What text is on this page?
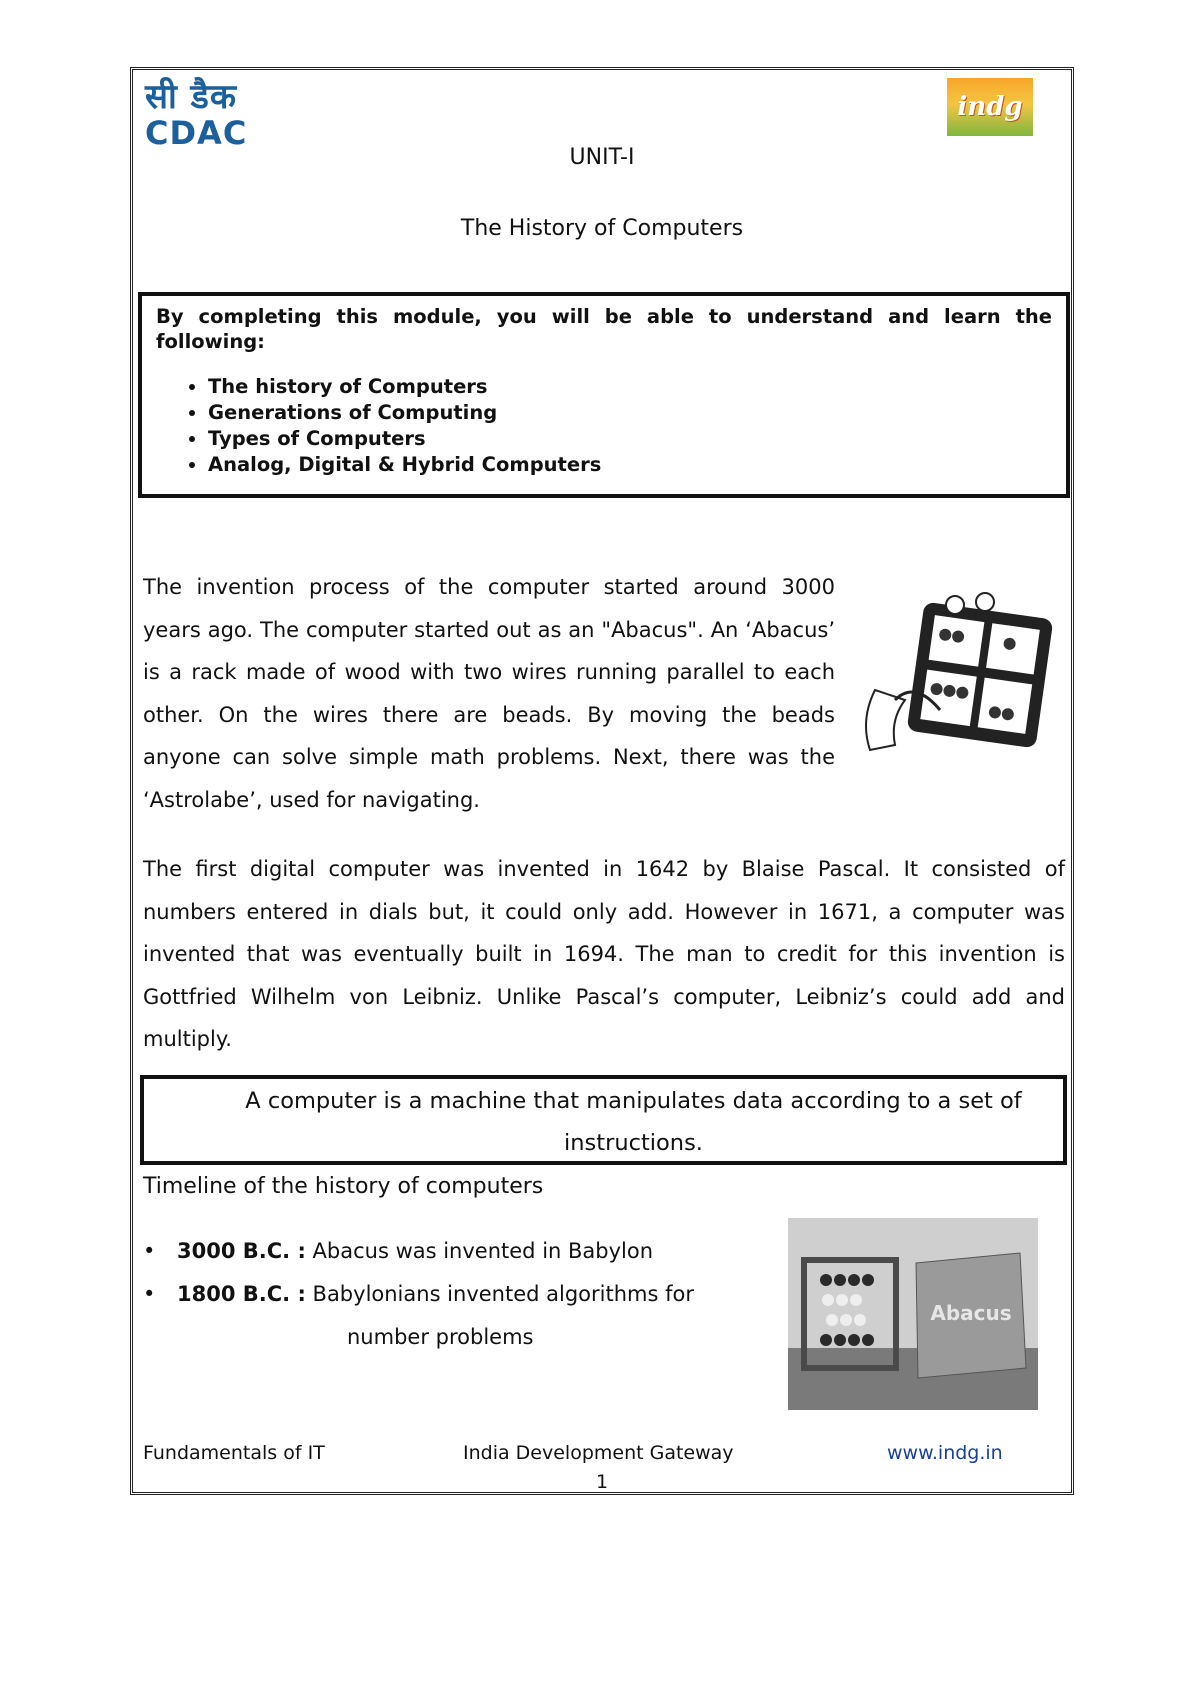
सी डैक
CDAC
indg
UNIT-I
The History of Computers

By completing this module, you will be able to understand and learn the following:

• The history of Computers
• Generations of Computing
• Types of Computers
• Analog, Digital & Hybrid Computers

The invention process of the computer started around 3000 years ago. The computer started out as an "Abacus". An ‘Abacus’ is a rack made of wood with two wires running parallel to each other. On the wires there are beads. By moving the beads anyone can solve simple math problems. Next, there was the ‘Astrolabe’, used for navigating.

The first digital computer was invented in 1642 by Blaise Pascal. It consisted of numbers entered in dials but, it could only add. However in 1671, a computer was invented that was eventually built in 1694. The man to credit for this invention is Gottfried Wilhelm von Leibniz. Unlike Pascal’s computer, Leibniz’s could add and multiply.

A computer is a machine that manipulates data according to a set of instructions.
Timeline of the history of computers
• 3000 B.C. : Abacus was invented in Babylon
• 1800 B.C. : Babylonians invented algorithms for
number problems
Abacus
Fundamentals of IT	India Development Gateway	www.indg.in
1
